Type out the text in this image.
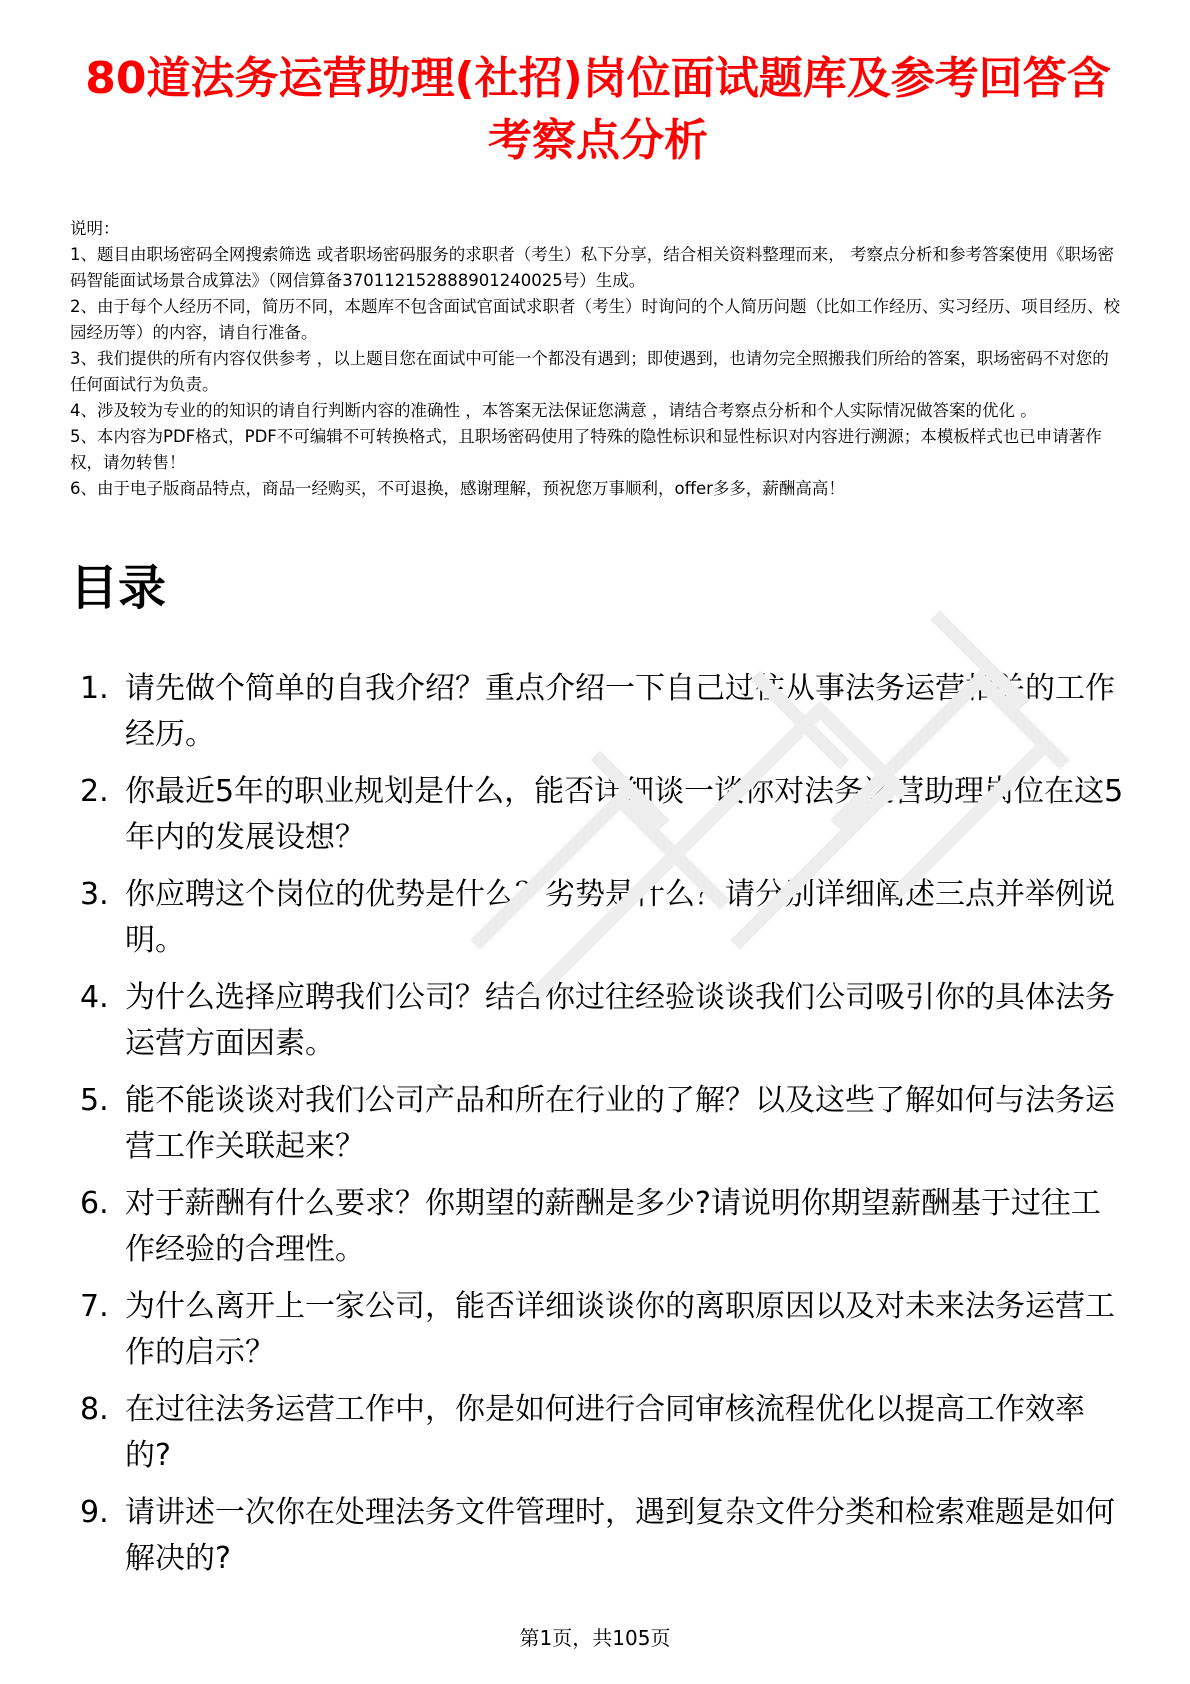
80道法务运营助理(社招)岗位面试题库及参考回答含考察点分析

说明：

1、题目由职场密码全网搜索筛选 或者职场密码服务的求职者（考生）私下分享，结合相关资料整理而来， 考察点分析和参考答案使用《职场密码智能面试场景合成算法》（网信算备370112152888901240025号）生成。

2、由于每个人经历不同，简历不同，本题库不包含面试官面试求职者（考生）时询问的个人简历问题（比如工作经历、实习经历、项目经历、校园经历等）的内容，请自行准备。

3、我们提供的所有内容仅供参考 ，以上题目您在面试中可能一个都没有遇到；即使遇到，也请勿完全照搬我们所给的答案，职场密码不对您的任何面试行为负责。

4、涉及较为专业的的知识的请自行判断内容的准确性 ，本答案无法保证您满意 ，请结合考察点分析和个人实际情况做答案的优化 。

5、本内容为PDF格式，PDF不可编辑不可转换格式，且职场密码使用了特殊的隐性标识和显性标识对内容进行溯源；本模板样式也已申请著作权，请勿转售！

6、由于电子版商品特点，商品一经购买，不可退换，感谢理解，预祝您万事顺利，offer多多，薪酬高高！

目录
1. 请先做个简单的自我介绍？重点介绍一下自己过往从事法务运营相关的工作经历。
2. 你最近5年的职业规划是什么，能否详细谈一谈你对法务运营助理岗位在这5年内的发展设想？
3. 你应聘这个岗位的优势是什么？劣势是什么？请分别详细阐述三点并举例说明。
4. 为什么选择应聘我们公司？结合你过往经验谈谈我们公司吸引你的具体法务运营方面因素。
5. 能不能谈谈对我们公司产品和所在行业的了解？以及这些了解如何与法务运营工作关联起来？
6. 对于薪酬有什么要求？你期望的薪酬是多少?请说明你期望薪酬基于过往工作经验的合理性。
7. 为什么离开上一家公司，能否详细谈谈你的离职原因以及对未来法务运营工作的启示？
8. 在过往法务运营工作中，你是如何进行合同审核流程优化以提高工作效率的?
9. 请讲述一次你在处理法务文件管理时，遇到复杂文件分类和检索难题是如何解决的?
第1页，共105页
